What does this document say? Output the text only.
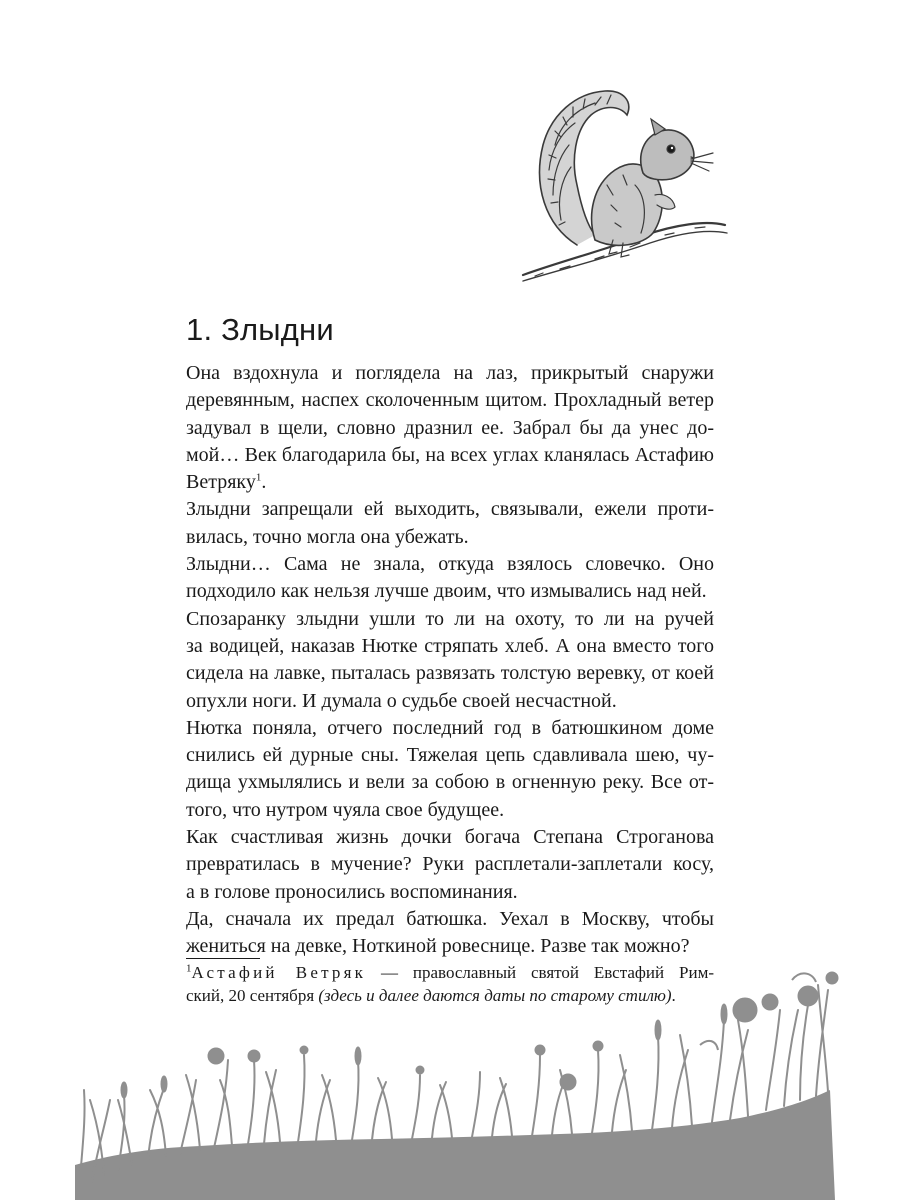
1. Злыдни
Она вздохнула и поглядела на лаз, прикрытый снаружи
деревянным, наспех сколоченным щитом. Прохладный ветер
задувал в щели, словно дразнил ее. Забрал бы да унес до-
мой… Век благодарила бы, на всех углах кланялась Астафию
Ветряку$^1$.
Злыдни запрещали ей выходить, связывали, ежели проти-
вилась, точно могла она убежать.
Злыдни… Сама не знала, откуда взялось словечко. Оно
подходило как нельзя лучше двоим, что измывались над ней.
Спозаранку злыдни ушли то ли на охоту, то ли на ручей
за водицей, наказав Нютке стряпать хлеб. А она вместо того
сидела на лавке, пыталась развязать толстую веревку, от коей
опухли ноги. И думала о судьбе своей несчастной.
Нютка поняла, отчего последний год в батюшкином доме
снились ей дурные сны. Тяжелая цепь сдавливала шею, чу-
дища ухмылялись и вели за собою в огненную реку. Все от-
того, что нутром чуяла свое будущее.
Как счастливая жизнь дочки богача Степана Строганова
превратилась в мучение? Руки расплетали-заплетали косу,
а в голове проносились воспоминания.
Да, сначала их предал батюшка. Уехал в Москву, чтобы
жениться на девке, Ноткиной ровеснице. Разве так можно?
$^1$Астафий Ветряк — православный святой Евстафий Рим-
ский, 20 сентября (здесь и далее даются даты по старому стилю).
